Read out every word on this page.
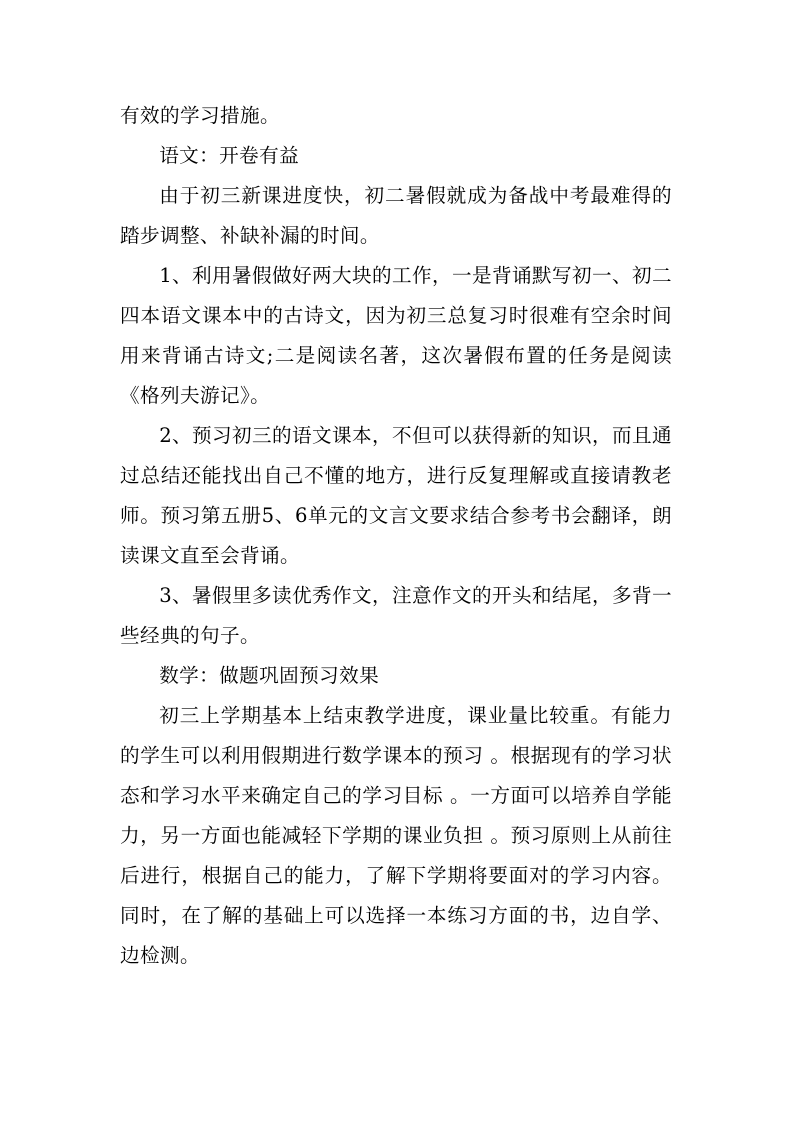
有效的学习措施。

语文：开卷有益

由于初三新课进度快，初二暑假就成为备战中考最难得的踏步调整、补缺补漏的时间。

1、利用暑假做好两大块的工作，一是背诵默写初一、初二四本语文课本中的古诗文，因为初三总复习时很难有空余时间用来背诵古诗文;二是阅读名著，这次暑假布置的任务是阅读《格列夫游记》。

2、预习初三的语文课本，不但可以获得新的知识，而且通过总结还能找出自己不懂的地方，进行反复理解或直接请教老师。预习第五册5、6单元的文言文要求结合参考书会翻译，朗读课文直至会背诵。

3、暑假里多读优秀作文，注意作文的开头和结尾，多背一些经典的句子。

数学：做题巩固预习效果

初三上学期基本上结束教学进度，课业量比较重。有能力的学生可以利用假期进行数学课本的预习 。根据现有的学习状态和学习水平来确定自己的学习目标 。一方面可以培养自学能力，另一方面也能减轻下学期的课业负担 。预习原则上从前往后进行，根据自己的能力，了解下学期将要面对的学习内容。同时，在了解的基础上可以选择一本练习方面的书，边自学、边检测。
